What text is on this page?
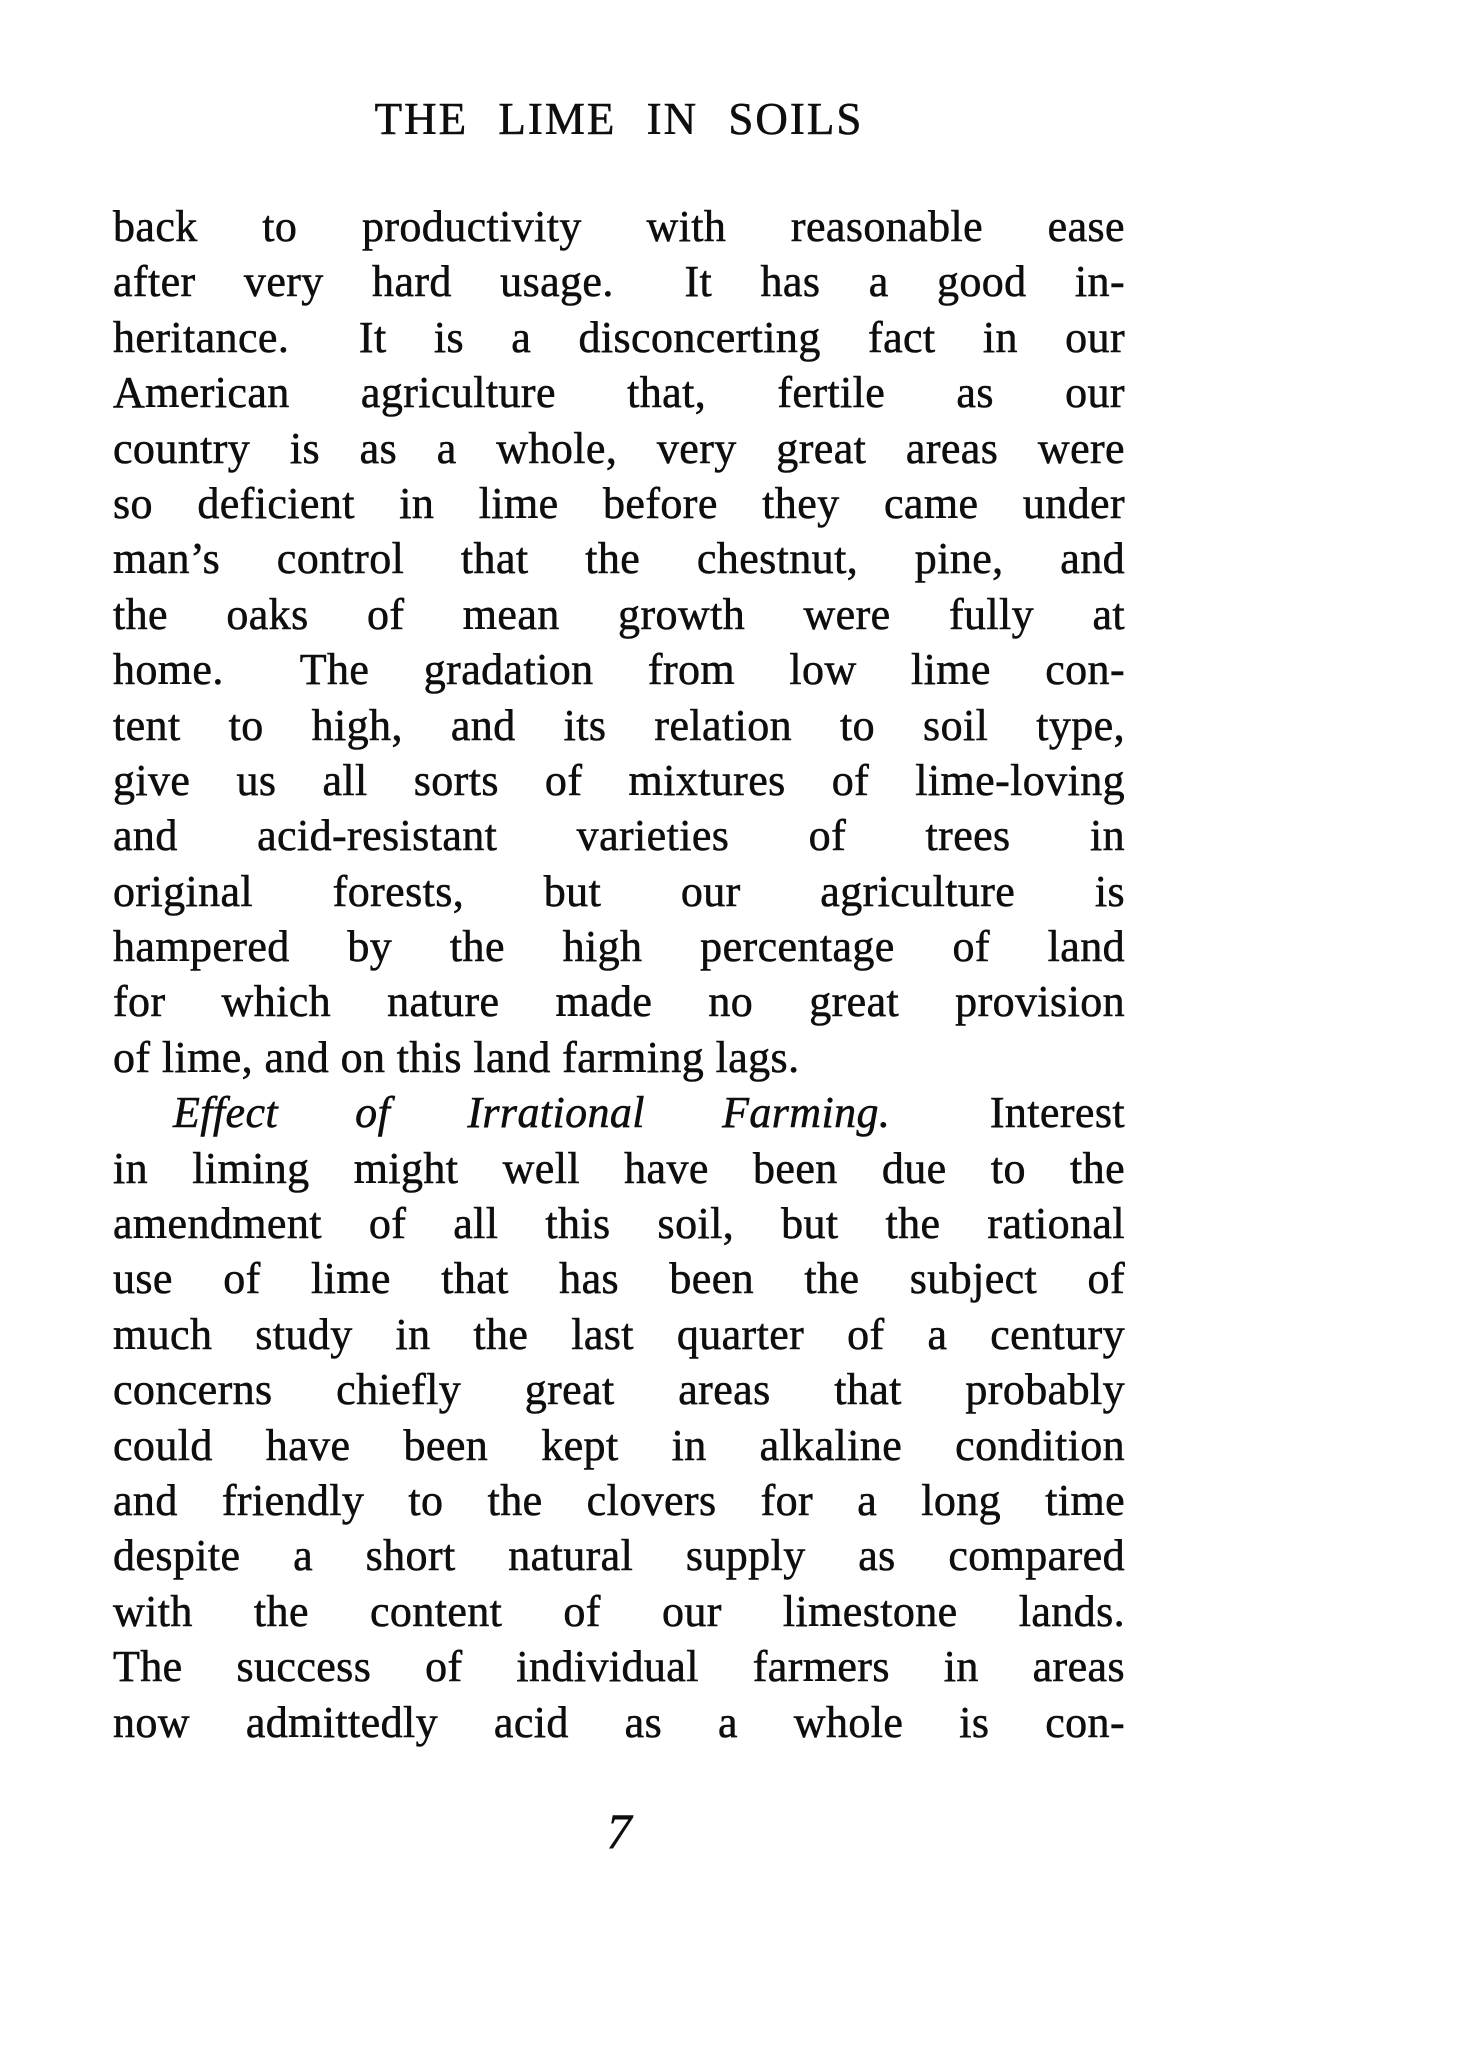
THE LIME IN SOILS
back to productivity with reasonable ease
after very hard usage.  It has a good in-
heritance.  It is a disconcerting fact in our
American agriculture that, fertile as our
country is as a whole, very great areas were
so deficient in lime before they came under
man’s control that the chestnut, pine, and
the oaks of mean growth were fully at
home.  The gradation from low lime con-
tent to high, and its relation to soil type,
give us all sorts of mixtures of lime-loving
and acid-resistant varieties of trees in
original forests, but our agriculture is
hampered by the high percentage of land
for which nature made no great provision
of lime, and on this land farming lags.
Effect of Irrational Farming.  Interest
in liming might well have been due to the
amendment of all this soil, but the rational
use of lime that has been the subject of
much study in the last quarter of a century
concerns chiefly great areas that probably
could have been kept in alkaline condition
and friendly to the clovers for a long time
despite a short natural supply as compared
with the content of our limestone lands.
The success of individual farmers in areas
now admittedly acid as a whole is con-
7
